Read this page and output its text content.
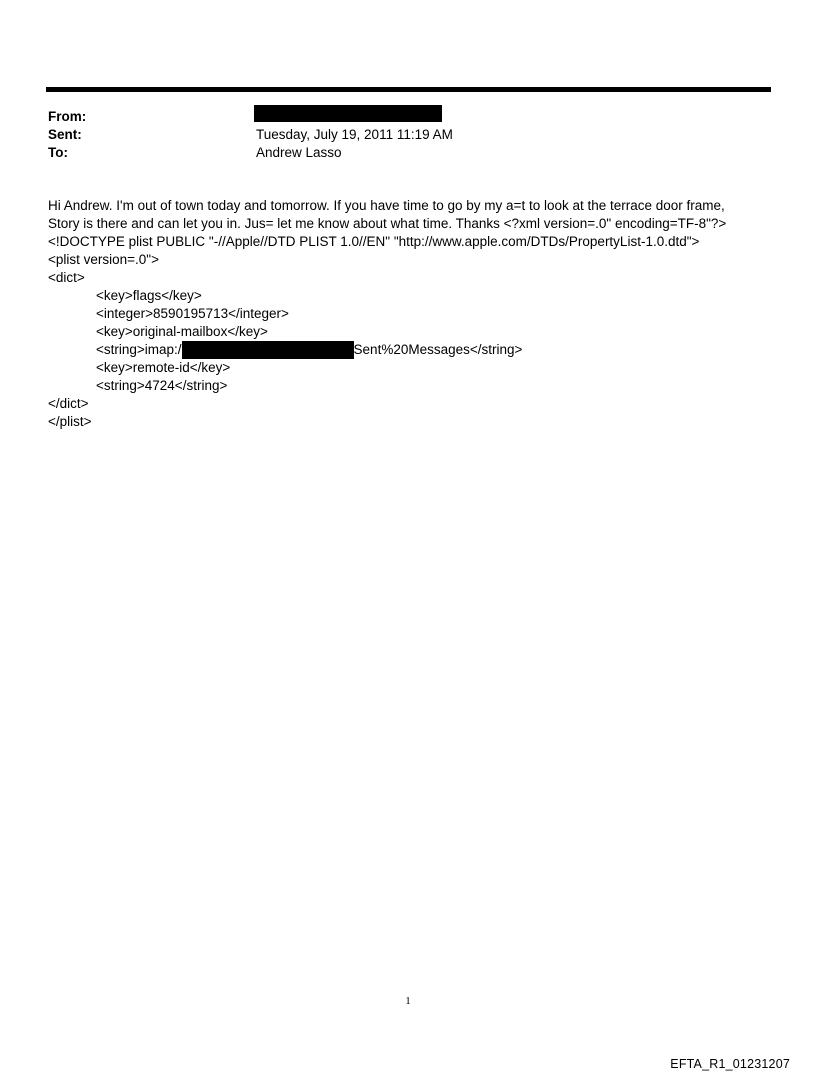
From:
Sent:	Tuesday, July 19, 2011 11:19 AM
To:	Andrew Lasso
Hi Andrew. I'm out of town today and tomorrow. If you have time to go by my a=t to look at the terrace door frame,
Story is there and can let you in. Jus= let me know about what time. Thanks <?xml version=.0" encoding=TF-8"?>
<!DOCTYPE plist PUBLIC "-//Apple//DTD PLIST 1.0//EN" "http://www.apple.com/DTDs/PropertyList-1.0.dtd">
<plist version=.0">
<dict>
<key>flags</key>
<integer>8590195713</integer>
<key>original-mailbox</key>
<string>imap:/	Sent%20Messages</string>
<key>remote-id</key>
<string>4724</string>
</dict>
</plist>
1
EFTA_R1_01231207
